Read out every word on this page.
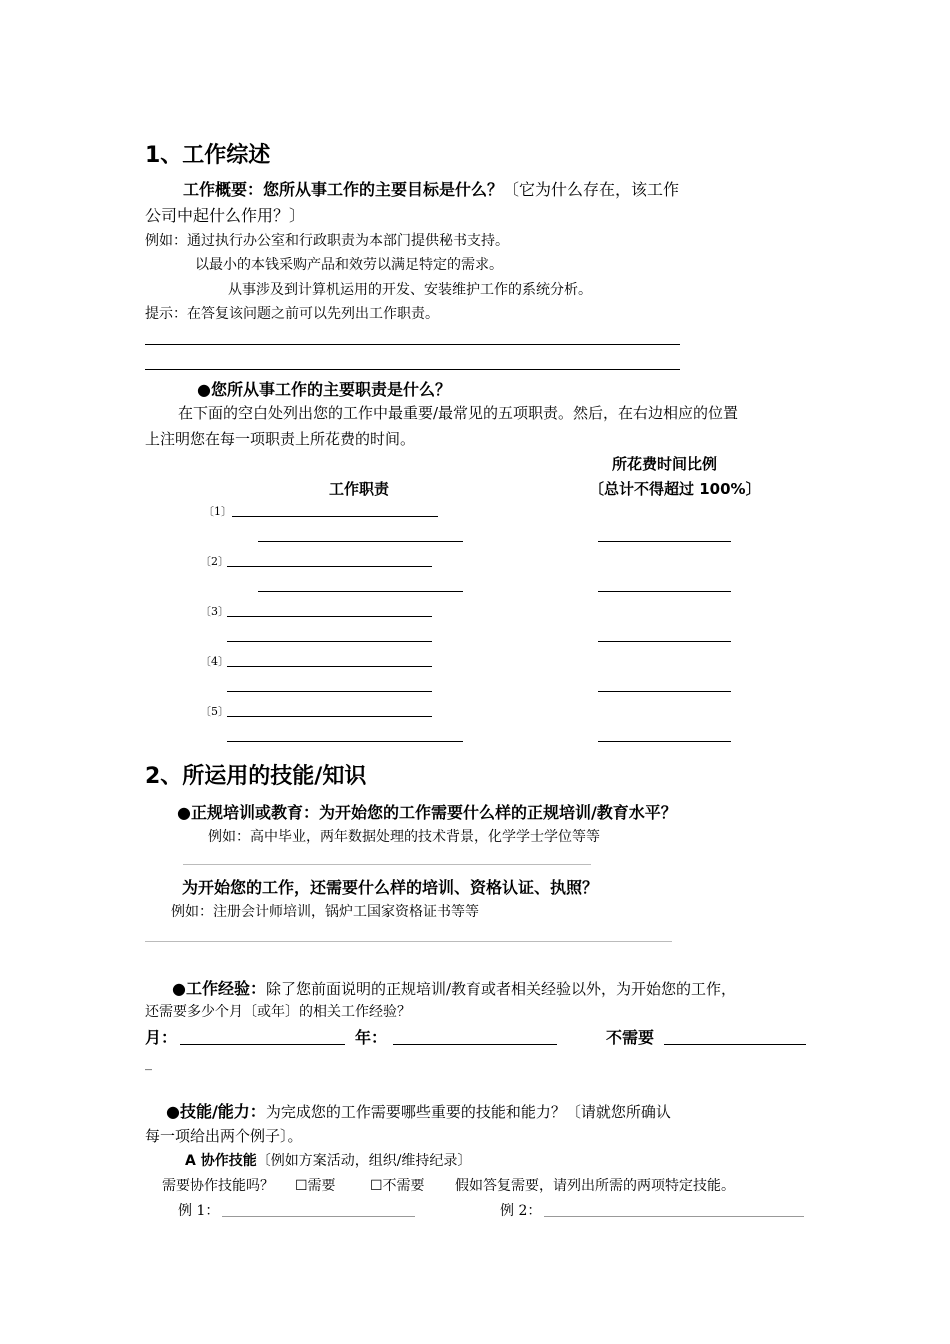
1、工作综述
工作概要：您所从事工作的主要目标是什么？〔它为什么存在，该工作
公司中起什么作用？〕
例如：通过执行办公室和行政职责为本部门提供秘书支持。
以最小的本钱采购产品和效劳以满足特定的需求。
从事涉及到计算机运用的开发、安装维护工作的系统分析。
提示：在答复该问题之前可以先列出工作职责。
●您所从事工作的主要职责是什么？
在下面的空白处列出您的工作中最重要/最常见的五项职责。然后，在右边相应的位置
上注明您在每一项职责上所花费的时间。
所花费时间比例
工作职责	〔总计不得超过 100%〕
〔1〕
〔2〕
〔3〕
〔4〕
〔5〕
2、所运用的技能/知识
●正规培训或教育：为开始您的工作需要什么样的正规培训/教育水平？
例如：高中毕业，两年数据处理的技术背景，化学学士学位等等
为开始您的工作，还需要什么样的培训、资格认证、执照？
例如：注册会计师培训，锅炉工国家资格证书等等
●工作经验：除了您前面说明的正规培训/教育或者相关经验以外，为开始您的工作，
还需要多少个月〔或年〕的相关工作经验？
月：	年：	不需要
_
●技能/能力：为完成您的工作需要哪些重要的技能和能力？〔请就您所确认
每一项给出两个例子〕。
A 协作技能〔例如方案活动，组织/维持纪录〕
需要协作技能吗？ ☐需要 ☐不需要 假如答复需要，请列出所需的两项特定技能。
例 1：	例 2：
